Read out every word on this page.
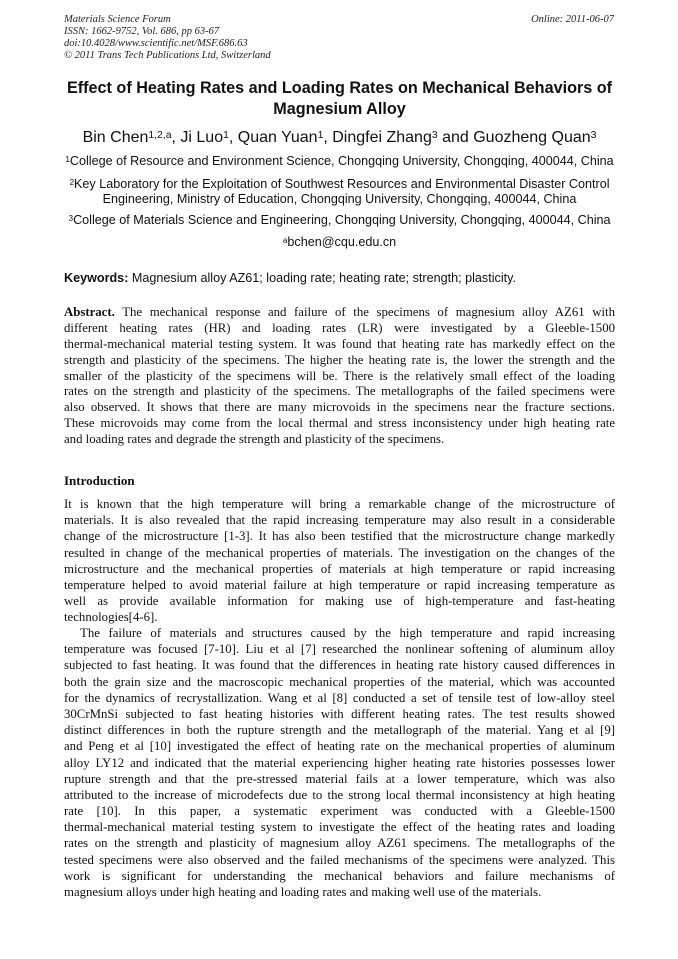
Materials Science Forum
ISSN: 1662-9752, Vol. 686, pp 63-67
doi:10.4028/www.scientific.net/MSF.686.63
© 2011 Trans Tech Publications Ltd, Switzerland
Online: 2011-06-07
Effect of Heating Rates and Loading Rates on Mechanical Behaviors of
Magnesium Alloy
Bin Chen$^{1,2,a}$, Ji Luo$^1$, Quan Yuan$^1$, Dingfei Zhang$^3$ and Guozheng Quan$^3$
$^1$College of Resource and Environment Science, Chongqing University, Chongqing, 400044, China
$^2$Key Laboratory for the Exploitation of Southwest Resources and Environmental Disaster Control
Engineering, Ministry of Education, Chongqing University, Chongqing, 400044, China
$^3$College of Materials Science and Engineering, Chongqing University, Chongqing, 400044, China
$^a$bchen@cqu.edu.cn
Keywords: Magnesium alloy AZ61; loading rate; heating rate; strength; plasticity.
Abstract. The mechanical response and failure of the specimens of magnesium alloy AZ61 with
different heating rates (HR) and loading rates (LR) were investigated by a Gleeble-1500
thermal-mechanical material testing system. It was found that heating rate has markedly effect on the
strength and plasticity of the specimens. The higher the heating rate is, the lower the strength and the
smaller of the plasticity of the specimens will be. There is the relatively small effect of the loading
rates on the strength and plasticity of the specimens. The metallographs of the failed specimens were
also observed. It shows that there are many microvoids in the specimens near the fracture sections.
These microvoids may come from the local thermal and stress inconsistency under high heating rate
and loading rates and degrade the strength and plasticity of the specimens.
Introduction
It is known that the high temperature will bring a remarkable change of the microstructure of
materials. It is also revealed that the rapid increasing temperature may also result in a considerable
change of the microstructure [1-3]. It has also been testified that the microstructure change markedly
resulted in change of the mechanical properties of materials. The investigation on the changes of the
microstructure and the mechanical properties of materials at high temperature or rapid increasing
temperature helped to avoid material failure at high temperature or rapid increasing temperature as
well as provide available information for making use of high-temperature and fast-heating
technologies[4-6].
The failure of materials and structures caused by the high temperature and rapid increasing
temperature was focused [7-10]. Liu et al [7] researched the nonlinear softening of aluminum alloy
subjected to fast heating. It was found that the differences in heating rate history caused differences in
both the grain size and the macroscopic mechanical properties of the material, which was accounted
for the dynamics of recrystallization. Wang et al [8] conducted a set of tensile test of low-alloy steel
30CrMnSi subjected to fast heating histories with different heating rates. The test results showed
distinct differences in both the rupture strength and the metallograph of the material. Yang et al [9]
and Peng et al [10] investigated the effect of heating rate on the mechanical properties of aluminum
alloy LY12 and indicated that the material experiencing higher heating rate histories possesses lower
rupture strength and that the pre-stressed material fails at a lower temperature, which was also
attributed to the increase of microdefects due to the strong local thermal inconsistency at high heating
rate [10]. In this paper, a systematic experiment was conducted with a Gleeble-1500
thermal-mechanical material testing system to investigate the effect of the heating rates and loading
rates on the strength and plasticity of magnesium alloy AZ61 specimens. The metallographs of the
tested specimens were also observed and the failed mechanisms of the specimens were analyzed. This
work is significant for understanding the mechanical behaviors and failure mechanisms of
magnesium alloys under high heating and loading rates and making well use of the materials.
